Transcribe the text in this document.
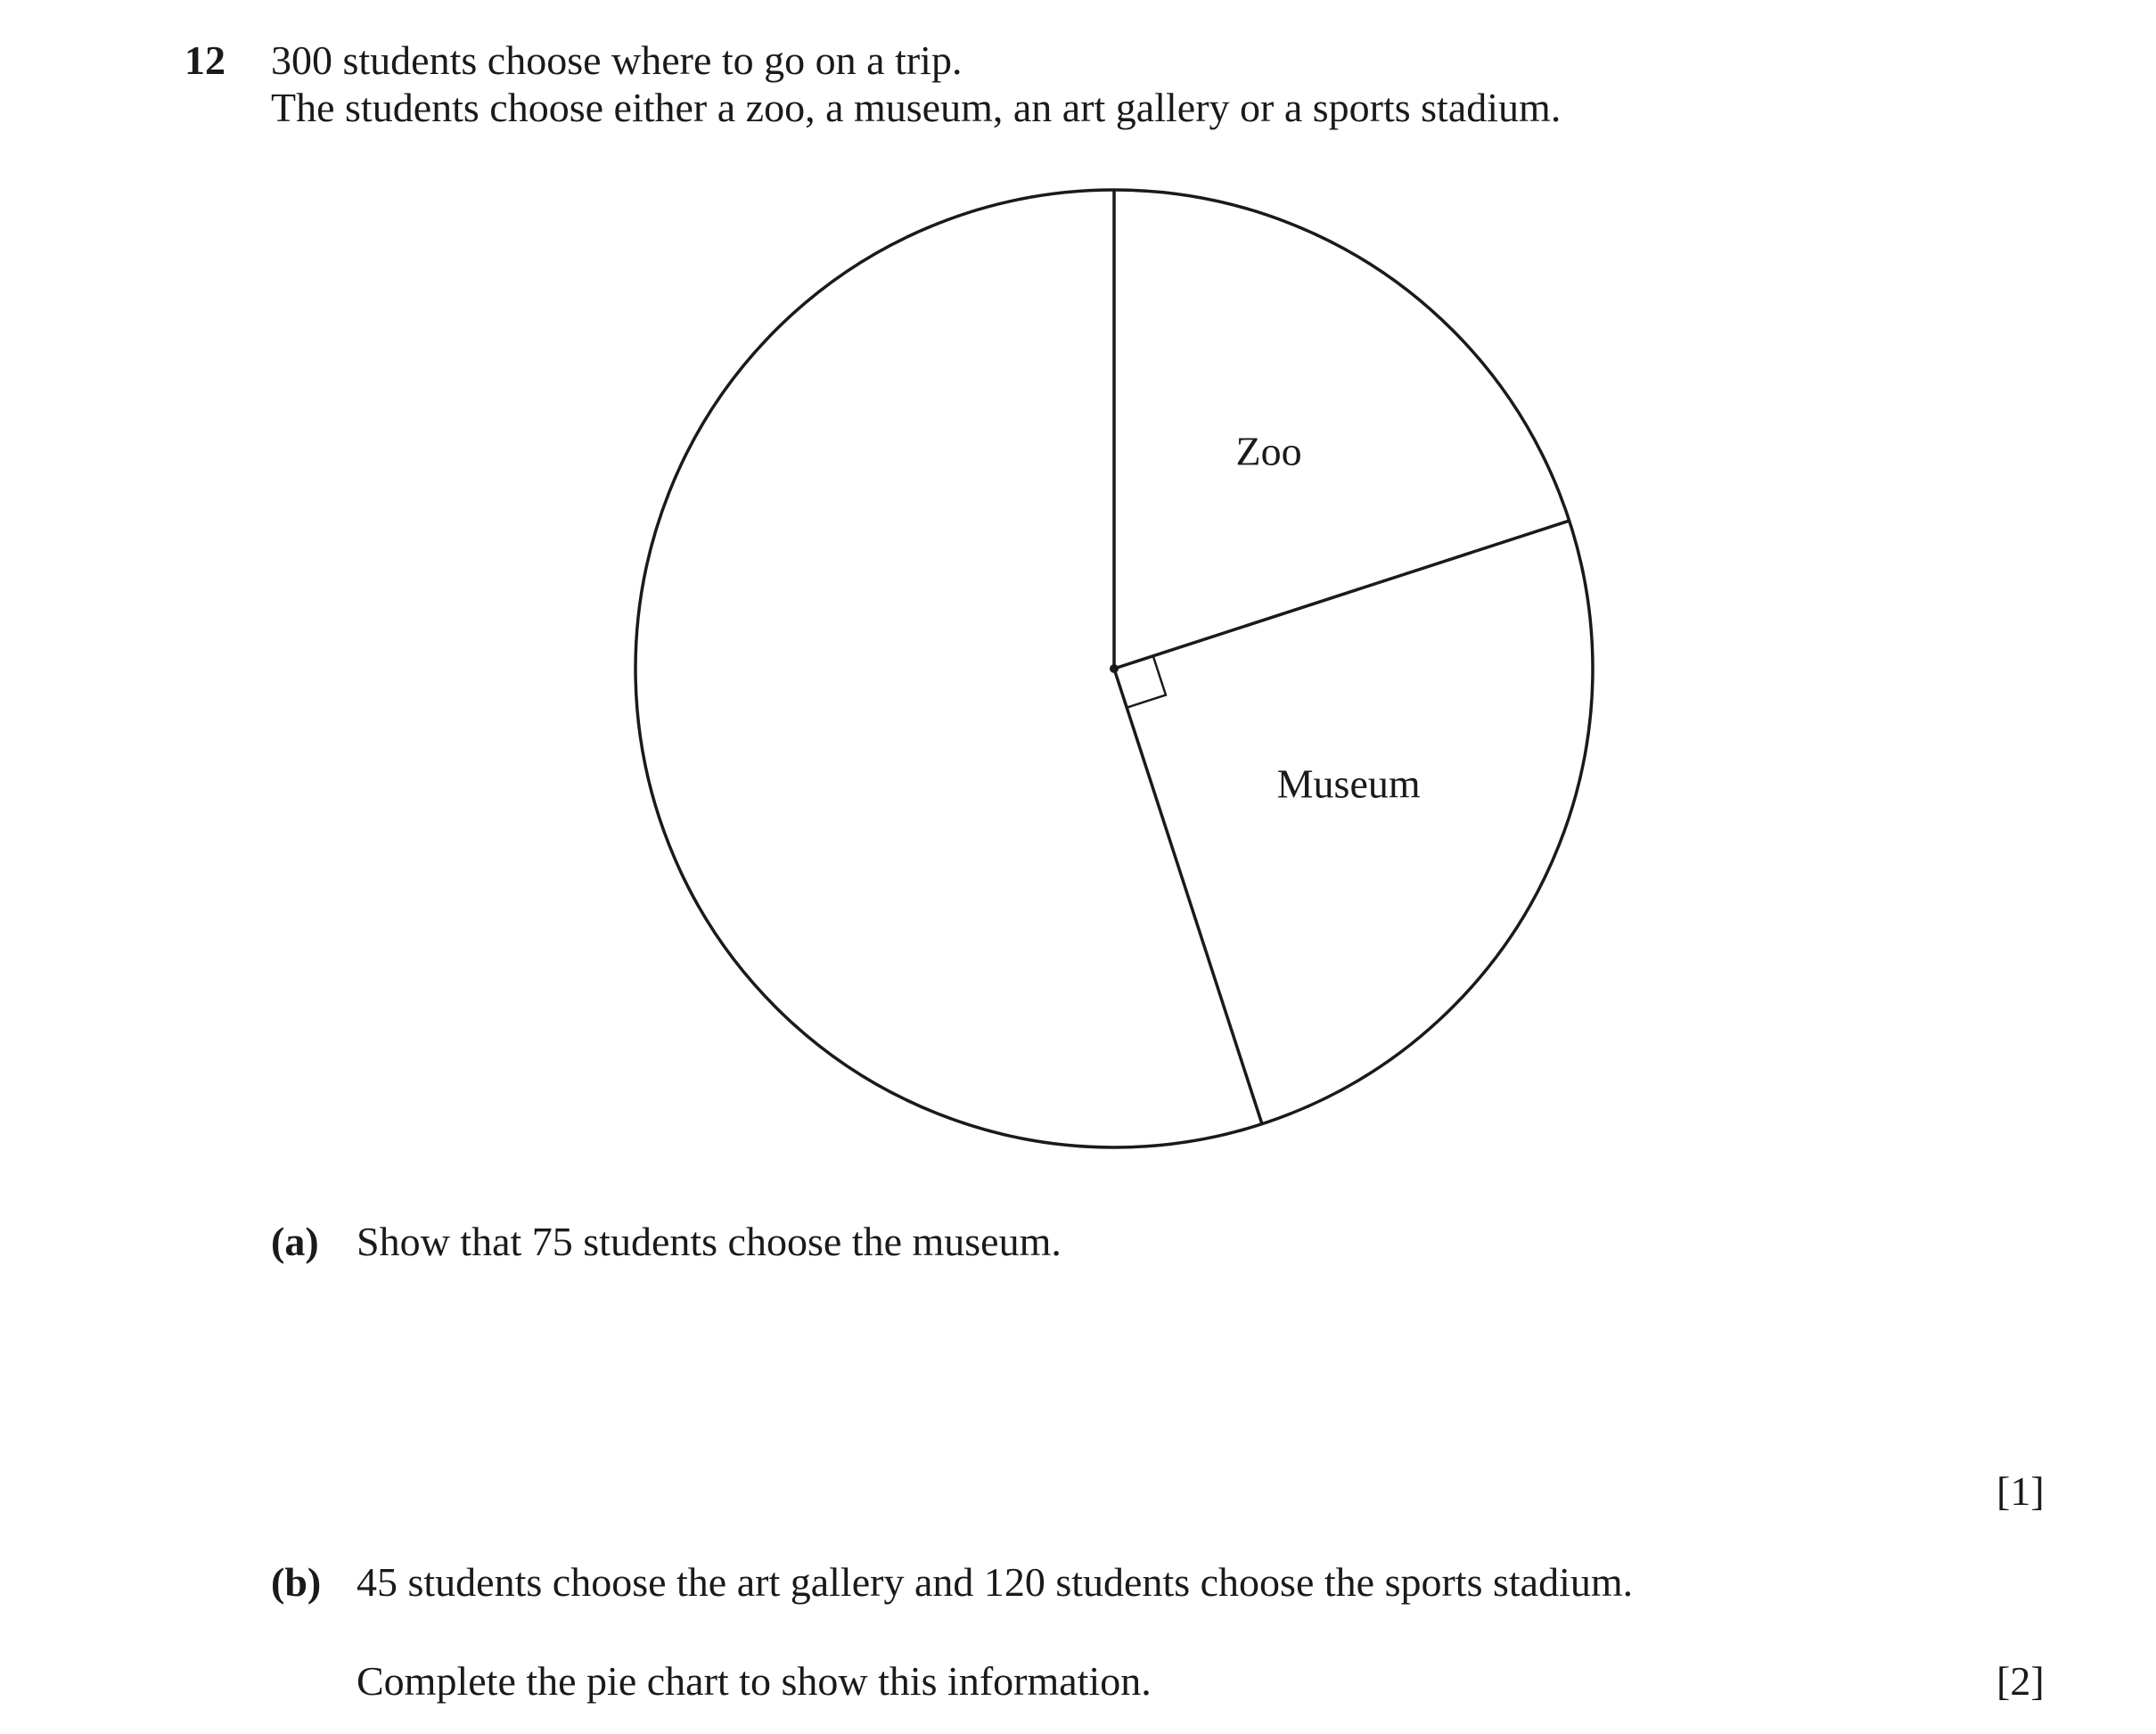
12 300 students choose where to go on a trip.
The students choose either a zoo, a museum, an art gallery or a sports stadium.
Zoo
Museum
(a) Show that 75 students choose the museum.
[1]
(b) 45 students choose the art gallery and 120 students choose the sports stadium.
Complete the pie chart to show this information.	[2]
